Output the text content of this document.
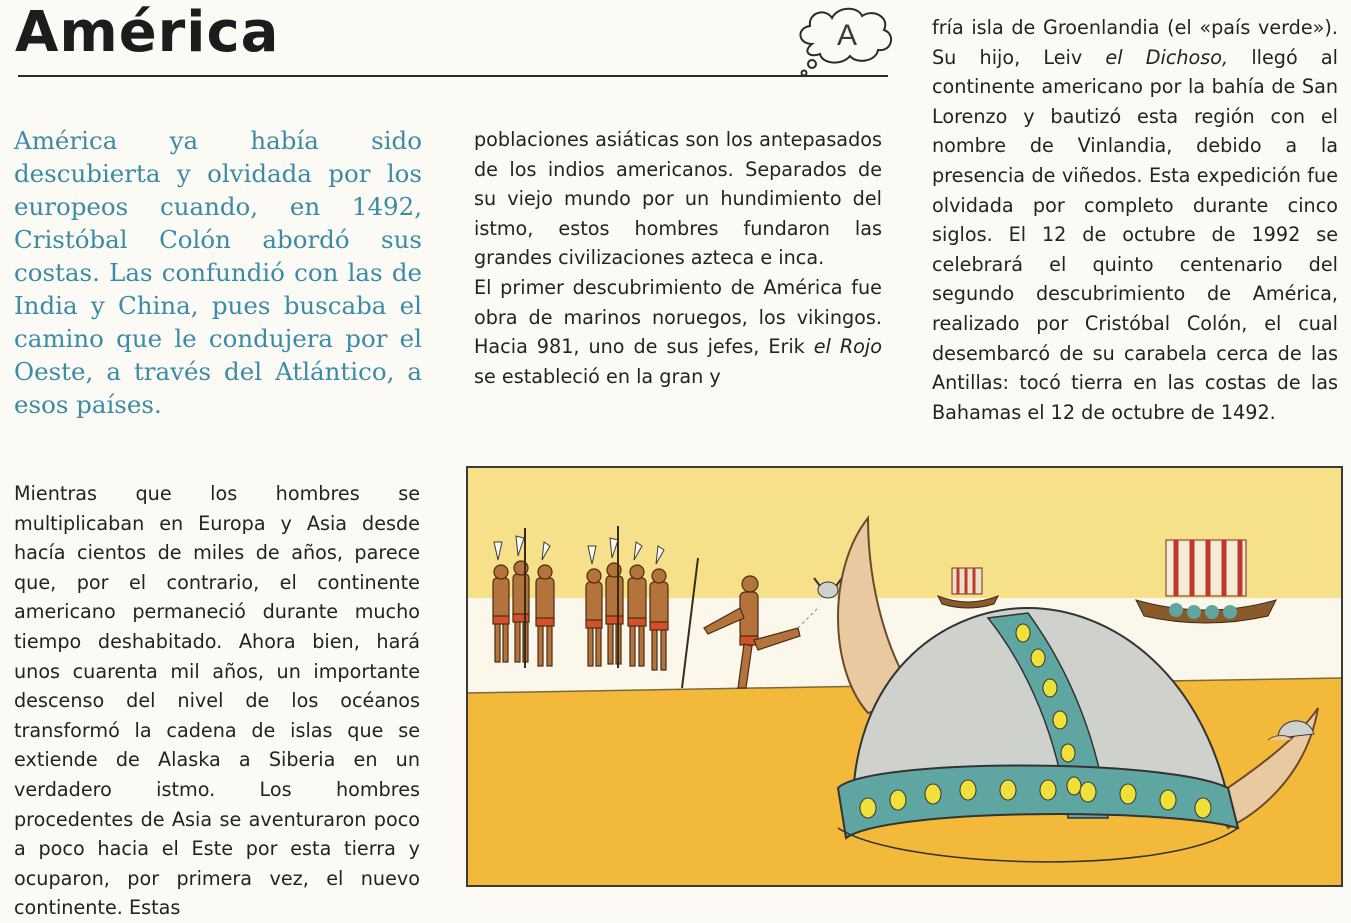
América	A
América ya había sido descubierta y olvidada por los europeos cuando, en 1492, Cristóbal Colón abordó sus costas. Las confundió con las de India y China, pues buscaba el camino que le condujera por el Oeste, a través del Atlántico, a esos países.

poblaciones asiáticas son los antepasados de los indios americanos. Separados de su viejo mundo por un hundimiento del istmo, estos hombres fundaron las grandes civilizaciones azteca e inca.

El primer descubrimiento de América fue obra de marinos noruegos, los vikingos. Hacia 981, uno de sus jefes, Erik el Rojo se estableció en la gran y

fría isla de Groenlandia (el «país verde»). Su hijo, Leiv el Dichoso, llegó al continente americano por la bahía de San Lorenzo y bautizó esta región con el nombre de Vinlandia, debido a la presencia de viñedos. Esta expedición fue olvidada por completo durante cinco siglos. El 12 de octubre de 1992 se celebrará el quinto centenario del segundo descubrimiento de América, realizado por Cristóbal Colón, el cual desembarcó de su carabela cerca de las Antillas: tocó tierra en las costas de las Bahamas el 12 de octubre de 1492.

Mientras que los hombres se multiplicaban en Europa y Asia desde hacía cientos de miles de años, parece que, por el contrario, el continente americano permaneció durante mucho tiempo deshabitado. Ahora bien, hará unos cuarenta mil años, un importante descenso del nivel de los océanos transformó la cadena de islas que se extiende de Alaska a Siberia en un verdadero istmo. Los hombres procedentes de Asia se aventuraron poco a poco hacia el Este por esta tierra y ocuparon, por primera vez, el nuevo continente. Estas
